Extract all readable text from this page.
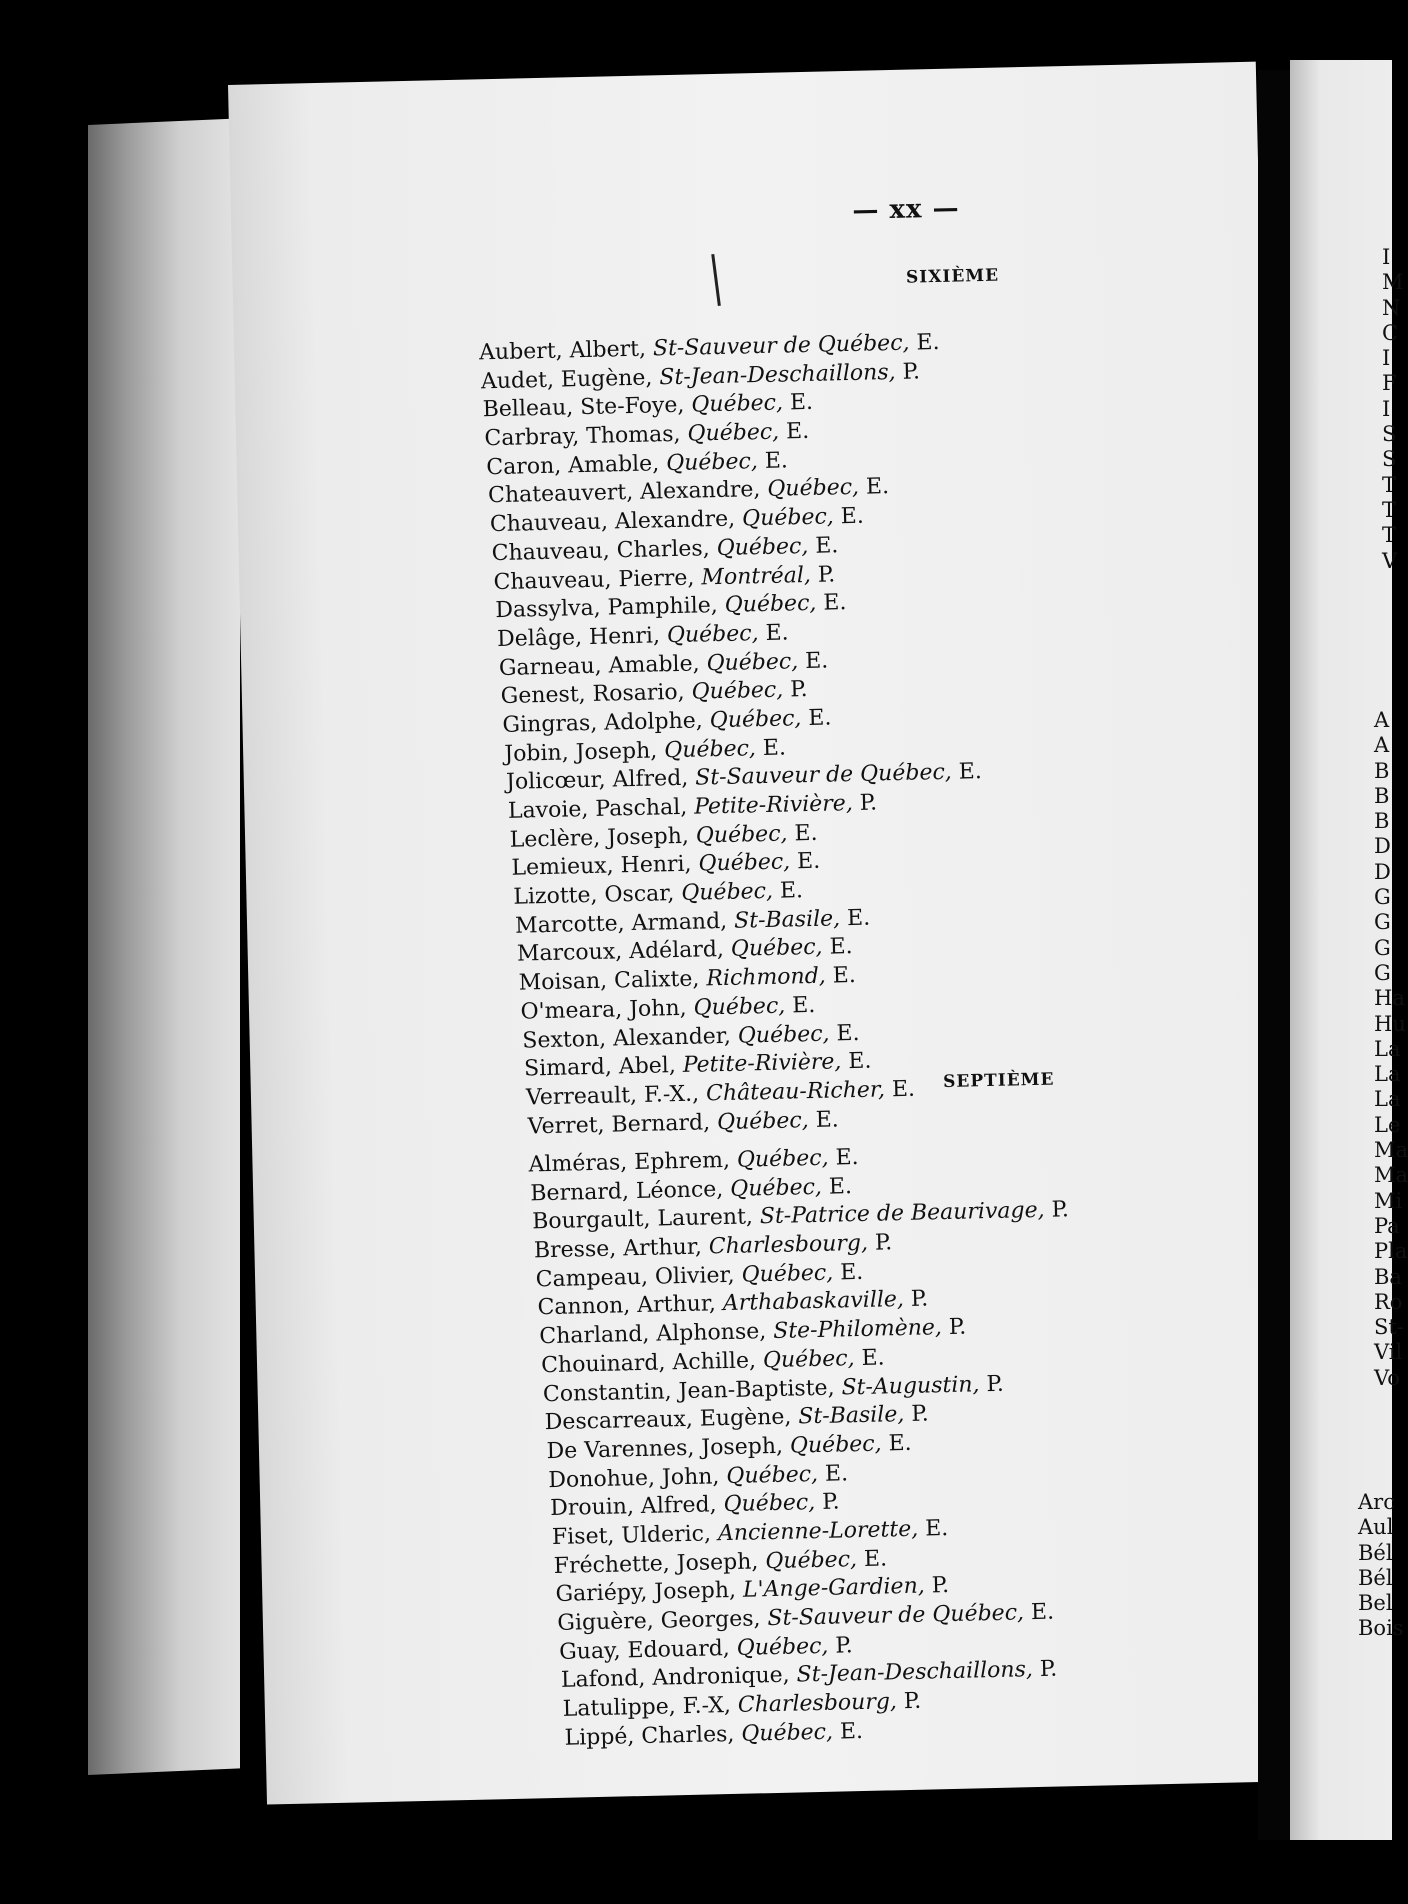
— xx —
SIXIÈME
Aubert, Albert, St-Sauveur de Québec, E.
Audet, Eugène, St-Jean-Deschaillons, P.
Belleau, Ste-Foye, Québec, E.
Carbray, Thomas, Québec, E.
Caron, Amable, Québec, E.
Chateauvert, Alexandre, Québec, E.
Chauveau, Alexandre, Québec, E.
Chauveau, Charles, Québec, E.
Chauveau, Pierre, Montréal, P.
Dassylva, Pamphile, Québec, E.
Delâge, Henri, Québec, E.
Garneau, Amable, Québec, E.
Genest, Rosario, Québec, P.
Gingras, Adolphe, Québec, E.
Jobin, Joseph, Québec, E.
Jolicœur, Alfred, St-Sauveur de Québec, E.
Lavoie, Paschal, Petite-Rivière, P.
Leclère, Joseph, Québec, E.
Lemieux, Henri, Québec, E.
Lizotte, Oscar, Québec, E.
Marcotte, Armand, St-Basile, E.
Marcoux, Adélard, Québec, E.
Moisan, Calixte, Richmond, E.
O'meara, John, Québec, E.
Sexton, Alexander, Québec, E.
Simard, Abel, Petite-Rivière, E.
Verreault, F.-X., Château-Richer, E.
Verret, Bernard, Québec, E.
SEPTIÈME
Alméras, Ephrem, Québec, E.
Bernard, Léonce, Québec, E.
Bourgault, Laurent, St-Patrice de Beaurivage, P.
Bresse, Arthur, Charlesbourg, P.
Campeau, Olivier, Québec, E.
Cannon, Arthur, Arthabaskaville, P.
Charland, Alphonse, Ste-Philomène, P.
Chouinard, Achille, Québec, E.
Constantin, Jean-Baptiste, St-Augustin, P.
Descarreaux, Eugène, St-Basile, P.
De Varennes, Joseph, Québec, E.
Donohue, John, Québec, E.
Drouin, Alfred, Québec, P.
Fiset, Ulderic, Ancienne-Lorette, E.
Fréchette, Joseph, Québec, E.
Gariépy, Joseph, L'Ange-Gardien, P.
Giguère, Georges, St-Sauveur de Québec, E.
Guay, Edouard, Québec, P.
Lafond, Andronique, St-Jean-Deschaillons, P.
Latulippe, F.-X, Charlesbourg, P.
Lippé, Charles, Québec, E.
I
M
N
C
I
F
I
S
S
T
T
T
V
A
A
B
B
B
D
D
G
G
G
G
Ha
Hu
La
La
La
Le
Ma
Ma
Mi
Pa
Pla
Ba
Ro
St-
Vil
Vo
Arc
Aul
Bél
Bél
Bel
Bois
